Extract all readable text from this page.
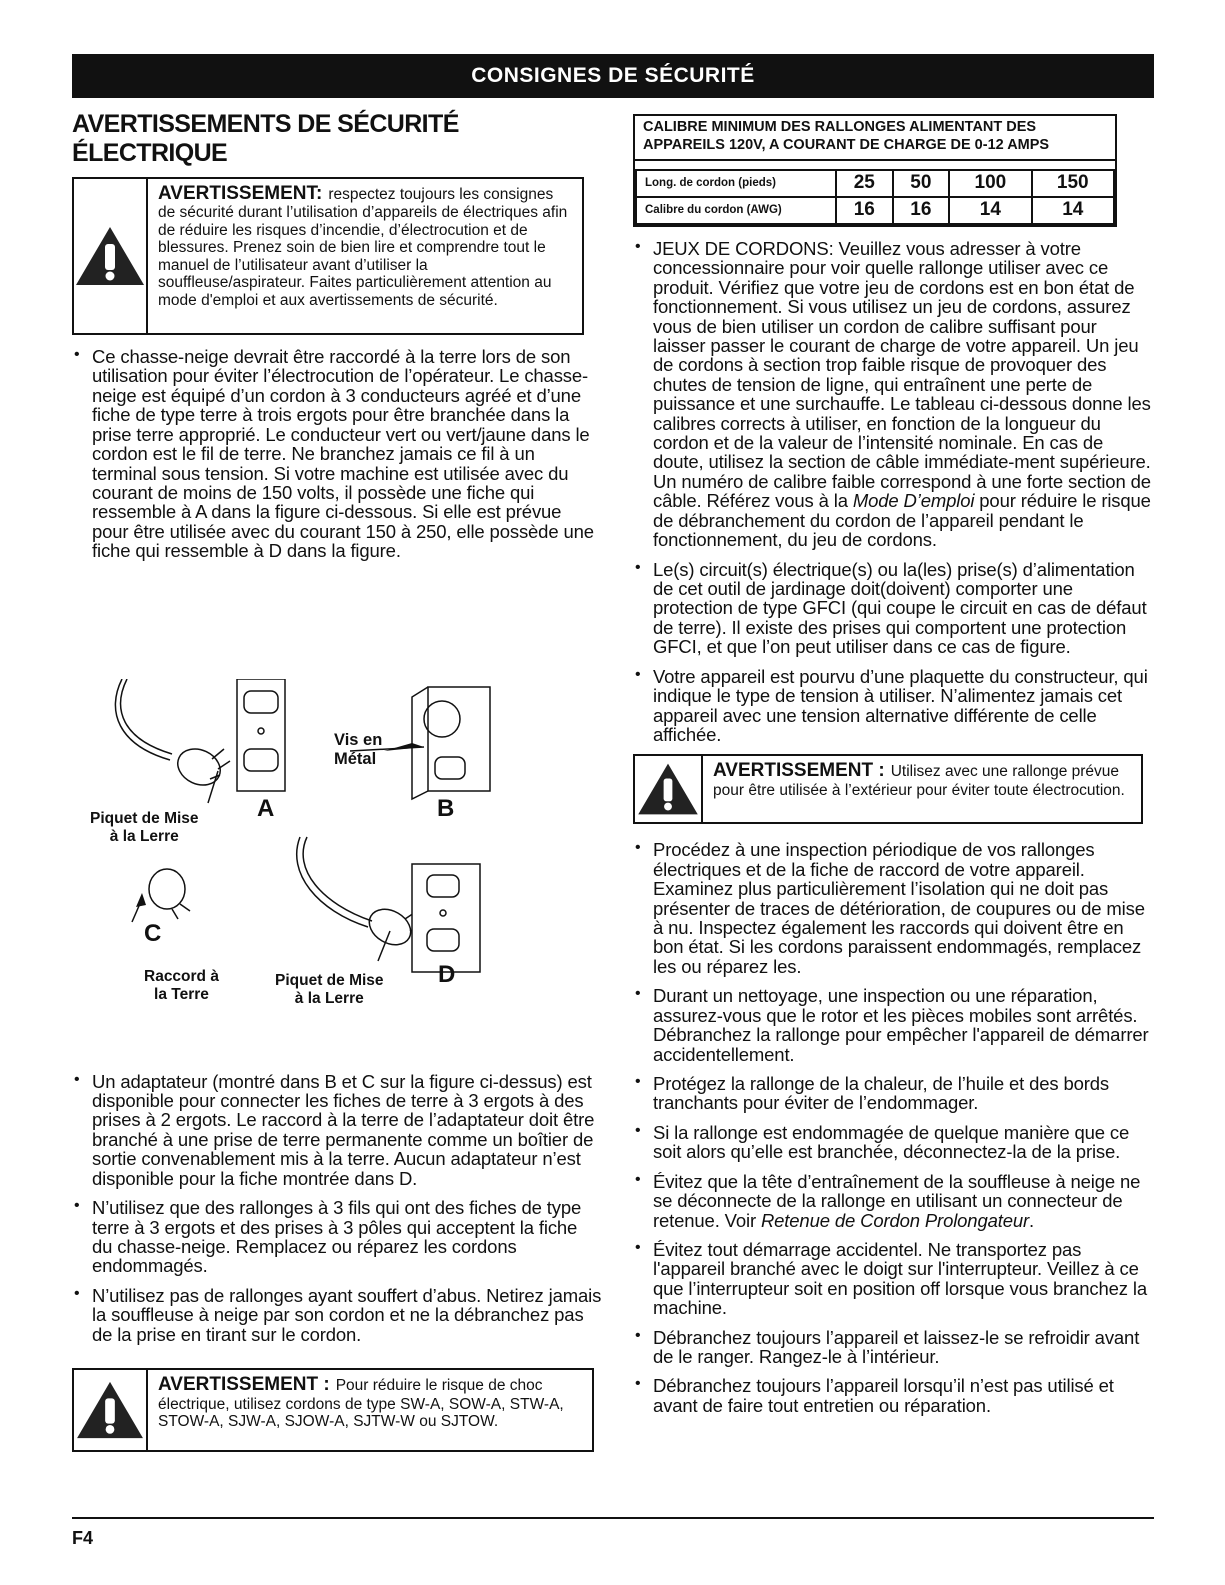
CONSIGNES DE SÉCURITÉ
AVERTISSEMENTS DE SÉCURITÉ ÉLECTRIQUE
AVERTISSEMENT: respectez toujours les consignes de sécurité durant l’utilisation d’appareils de électriques afin de réduire les risques d’incendie, d’électrocution et de blessures. Prenez soin de bien lire et comprendre tout le manuel de l’utilisateur avant d’utiliser la souffleuse/aspirateur. Faites particulièrement attention au mode d'emploi et aux avertissements de sécurité.
• Ce chasse-neige devrait être raccordé à la terre lors de son utilisation pour éviter l’électrocution de l’opérateur. Le chasse-neige est équipé d’un cordon à 3 conducteurs agréé et d’une fiche de type terre à trois ergots pour être branchée dans la prise terre approprié. Le conducteur vert ou vert/jaune dans le cordon est le fil de terre. Ne branchez jamais ce fil à un terminal sous tension. Si votre machine est utilisée avec du courant de moins de 150 volts, il possède une fiche qui ressemble à A dans la figure ci-dessous. Si elle est prévue pour être utilisée avec du courant 150 à 250, elle possède une fiche qui ressemble à D dans la figure.
Vis en
Métal
Piquet de Mise
à la Lerre
Raccord à
la Terre
Piquet de Mise
à la Lerre
A	B
C
D
• Un adaptateur (montré dans B et C sur la figure ci-dessus) est disponible pour connecter les fiches de terre à 3 ergots à des prises à 2 ergots. Le raccord à la terre de l’adaptateur doit être branché à une prise de terre permanente comme un boîtier de sortie convenablement mis à la terre. Aucun adaptateur n’est disponible pour la fiche montrée dans D.
• N’utilisez que des rallonges à 3 fils qui ont des fiches de type terre à 3 ergots et des prises à 3 pôles qui acceptent la fiche du chasse-neige. Remplacez ou réparez les cordons endommagés.
• N’utilisez pas de rallonges ayant souffert d’abus. Netirez jamais la souffleuse à neige par son cordon et ne la débranchez pas de la prise en tirant sur le cordon.
AVERTISSEMENT : Pour réduire le risque de choc électrique, utilisez cordons de type SW-A, SOW-A, STW-A, STOW-A, SJW-A, SJOW-A, SJTW-W ou SJTOW.
CALIBRE MINIMUM DES RALLONGES ALIMENTANT DES APPAREILS 120V, A COURANT DE CHARGE DE 0-12 AMPS
Long. de cordon (pieds)	25	50	100	150
Calibre du cordon (AWG)	16	16	14	14
• JEUX DE CORDONS: Veuillez vous adresser à votre concessionnaire pour voir quelle rallonge utiliser avec ce produit. Vérifiez que votre jeu de cordons est en bon état de fonctionnement. Si vous utilisez un jeu de cordons, assurez vous de bien utiliser un cordon de calibre suffisant pour laisser passer le courant de charge de votre appareil. Un jeu de cordons à section trop faible risque de provoquer des chutes de tension de ligne, qui entraînent une perte de puissance et une surchauffe. Le tableau ci-dessous donne les calibres corrects à utiliser, en fonction de la longueur du cordon et de la valeur de l’intensité nominale. En cas de doute, utilisez la section de câble immédiate-ment supérieure. Un numéro de calibre faible correspond à une forte section de câble. Référez vous à la Mode D’emploi pour réduire le risque de débranchement du cordon de l’appareil pendant le fonctionnement, du jeu de cordons.
• Le(s) circuit(s) électrique(s) ou la(les) prise(s) d’alimentation de cet outil de jardinage doit(doivent) comporter une protection de type GFCI (qui coupe le circuit en cas de défaut de terre). Il existe des prises qui comportent une protection GFCI, et que l’on peut utiliser dans ce cas de figure.
• Votre appareil est pourvu d’une plaquette du constructeur, qui indique le type de tension à utiliser. N’alimentez jamais cet appareil avec une tension alternative différente de celle affichée.
AVERTISSEMENT : Utilisez avec une rallonge prévue pour être utilisée à l’extérieur pour éviter toute électrocution.
• Procédez à une inspection périodique de vos rallonges électriques et de la fiche de raccord de votre appareil. Examinez plus particulièrement l’isolation qui ne doit pas présenter de traces de détérioration, de coupures ou de mise à nu. Inspectez également les raccords qui doivent être en bon état. Si les cordons paraissent endommagés, remplacez les ou réparez les.
• Durant un nettoyage, une inspection ou une réparation, assurez-vous que le rotor et les pièces mobiles sont arrêtés. Débranchez la rallonge pour empêcher l'appareil de démarrer accidentellement.
• Protégez la rallonge de la chaleur, de l’huile et des bords tranchants pour éviter de l’endommager.
• Si la rallonge est endommagée de quelque manière que ce soit alors qu’elle est branchée, déconnectez-la de la prise.
• Évitez que la tête d’entraînement de la souffleuse à neige ne se déconnecte de la rallonge en utilisant un connecteur de retenue. Voir Retenue de Cordon Prolongateur.
• Évitez tout démarrage accidentel. Ne transportez pas l'appareil branché avec le doigt sur l'interrupteur. Veillez à ce que l’interrupteur soit en position off lorsque vous branchez la machine.
• Débranchez toujours l’appareil et laissez-le se refroidir avant de le ranger. Rangez-le à l’intérieur.
• Débranchez toujours l’appareil lorsqu’il n’est pas utilisé et avant de faire tout entretien ou réparation.
F4
